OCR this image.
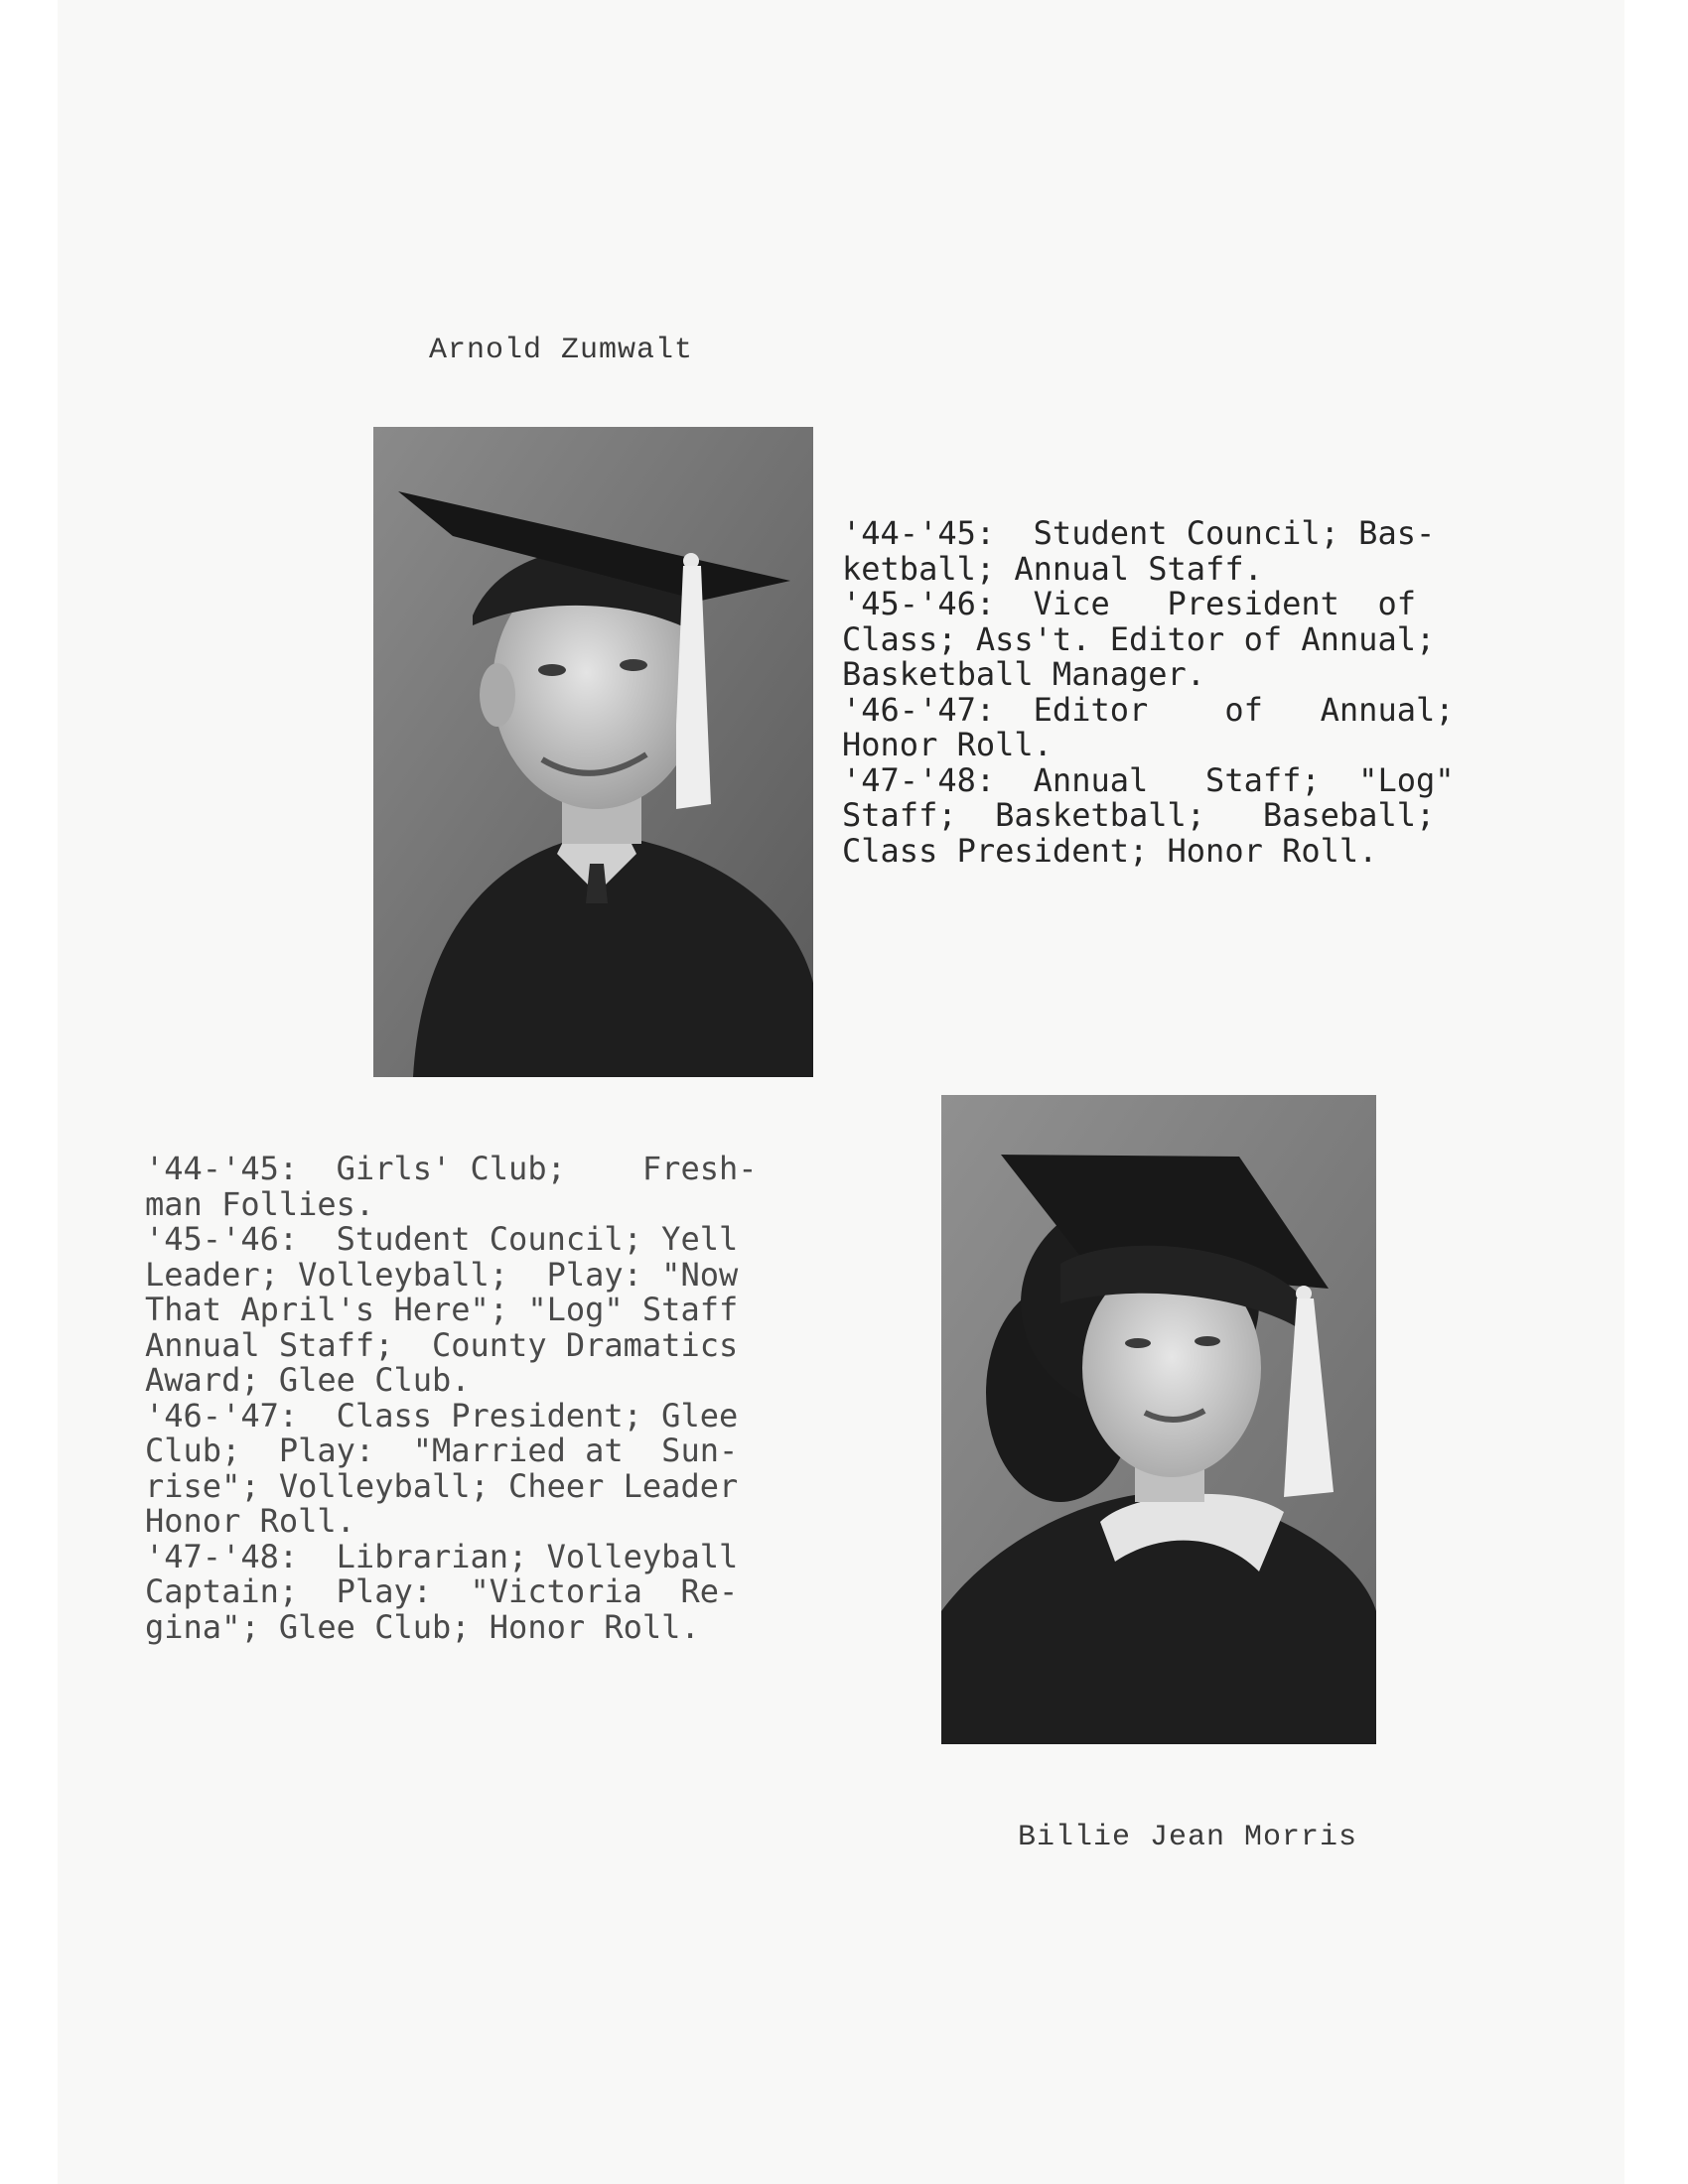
Arnold Zumwalt
'44-'45:  Student Council; Bas-
ketball; Annual Staff.
'45-'46:  Vice   President  of
Class; Ass't. Editor of Annual;
Basketball Manager.
'46-'47:  Editor    of   Annual;
Honor Roll.
'47-'48:  Annual   Staff;  "Log"
Staff;  Basketball;   Baseball;
Class President; Honor Roll.
'44-'45:  Girls' Club;    Fresh-
man Follies.
'45-'46:  Student Council; Yell
Leader; Volleyball;  Play: "Now
That April's Here"; "Log" Staff
Annual Staff;  County Dramatics
Award; Glee Club.
'46-'47:  Class President; Glee
Club;  Play:  "Married at  Sun-
rise"; Volleyball; Cheer Leader
Honor Roll.
'47-'48:  Librarian; Volleyball
Captain;  Play:  "Victoria  Re-
gina"; Glee Club; Honor Roll.
Billie Jean Morris
